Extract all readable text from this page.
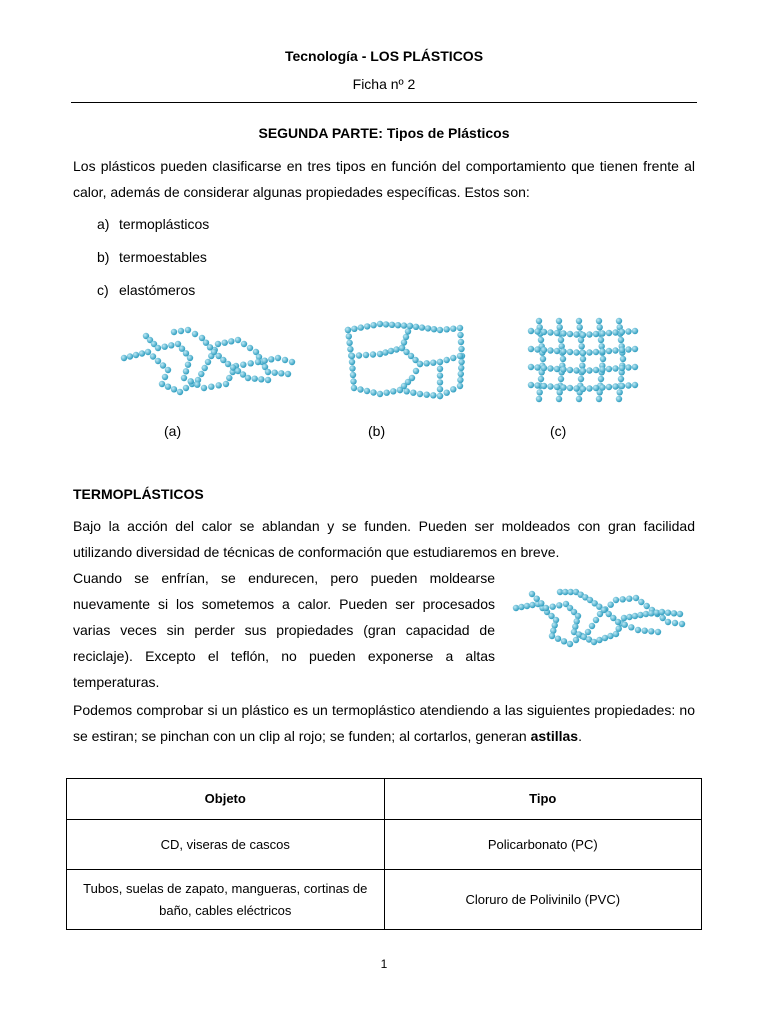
Tecnología - LOS PLÁSTICOS
Ficha nº 2
SEGUNDA PARTE: Tipos de Plásticos
Los plásticos pueden clasificarse en tres tipos en función del comportamiento que tienen frente al calor, además de considerar algunas propiedades específicas. Estos son:
a) termoplásticos
b) termoestables
c) elastómeros
(a)	(b)	(c)
TERMOPLÁSTICOS
Bajo la acción del calor se ablandan y se funden. Pueden ser moldeados con gran facilidad utilizando diversidad de técnicas de conformación que estudiaremos en breve.
Cuando se enfrían, se endurecen, pero pueden moldearse nuevamente si los sometemos a calor. Pueden ser procesados varias veces sin perder sus propiedades (gran capacidad de reciclaje). Excepto el teflón, no pueden exponerse a altas temperaturas.
Podemos comprobar si un plástico es un termoplástico atendiendo a las siguientes propiedades: no se estiran; se pinchan con un clip al rojo; se funden; al cortarlos, generan astillas.
Objeto	Tipo
CD, viseras de cascos	Policarbonato (PC)
Tubos, suelas de zapato, mangueras, cortinas de baño, cables eléctricos	Cloruro de Polivinilo (PVC)
1
